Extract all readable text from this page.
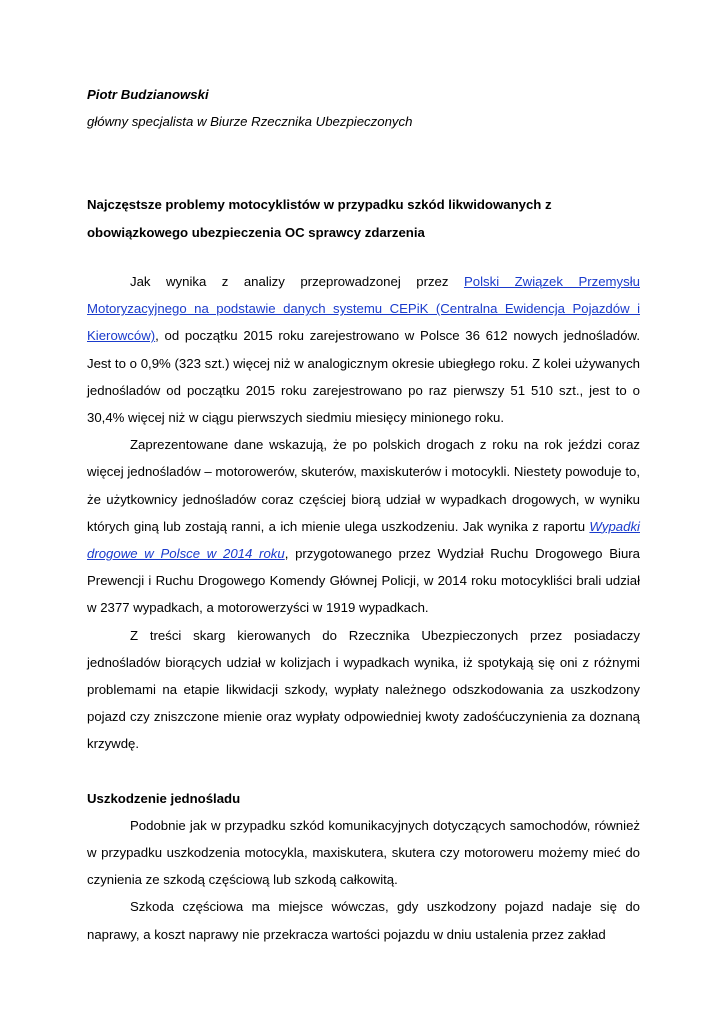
Piotr Budzianowski
główny specjalista w Biurze Rzecznika Ubezpieczonych
Najczęstsze problemy motocyklistów w przypadku szkód likwidowanych z obowiązkowego ubezpieczenia OC sprawcy zdarzenia

Jak wynika z analizy przeprowadzonej przez Polski Związek Przemysłu Motoryzacyjnego na podstawie danych systemu CEPiK (Centralna Ewidencja Pojazdów i Kierowców), od początku 2015 roku zarejestrowano w Polsce 36 612 nowych jednośladów. Jest to o 0,9% (323 szt.) więcej niż w analogicznym okresie ubiegłego roku. Z kolei używanych jednośladów od początku 2015 roku zarejestrowano po raz pierwszy 51 510 szt., jest to o 30,4% więcej niż w ciągu pierwszych siedmiu miesięcy minionego roku.

Zaprezentowane dane wskazują, że po polskich drogach z roku na rok jeździ coraz więcej jednośladów – motorowerów, skuterów, maxiskuterów i motocykli. Niestety powoduje to, że użytkownicy jednośladów coraz częściej biorą udział w wypadkach drogowych, w wyniku których giną lub zostają ranni, a ich mienie ulega uszkodzeniu. Jak wynika z raportu Wypadki drogowe w Polsce w 2014 roku, przygotowanego przez Wydział Ruchu Drogowego Biura Prewencji i Ruchu Drogowego Komendy Głównej Policji, w 2014 roku motocykliści brali udział w 2377 wypadkach, a motorowerzyści w 1919 wypadkach.

Z treści skarg kierowanych do Rzecznika Ubezpieczonych przez posiadaczy jednośladów biorących udział w kolizjach i wypadkach wynika, iż spotykają się oni z różnymi problemami na etapie likwidacji szkody, wypłaty należnego odszkodowania za uszkodzony pojazd czy zniszczone mienie oraz wypłaty odpowiedniej kwoty zadośćuczynienia za doznaną krzywdę.

Uszkodzenie jednośladu

Podobnie jak w przypadku szkód komunikacyjnych dotyczących samochodów, również w przypadku uszkodzenia motocykla, maxiskutera, skutera czy motoroweru możemy mieć do czynienia ze szkodą częściową lub szkodą całkowitą.

Szkoda częściowa ma miejsce wówczas, gdy uszkodzony pojazd nadaje się do naprawy, a koszt naprawy nie przekracza wartości pojazdu w dniu ustalenia przez zakład
